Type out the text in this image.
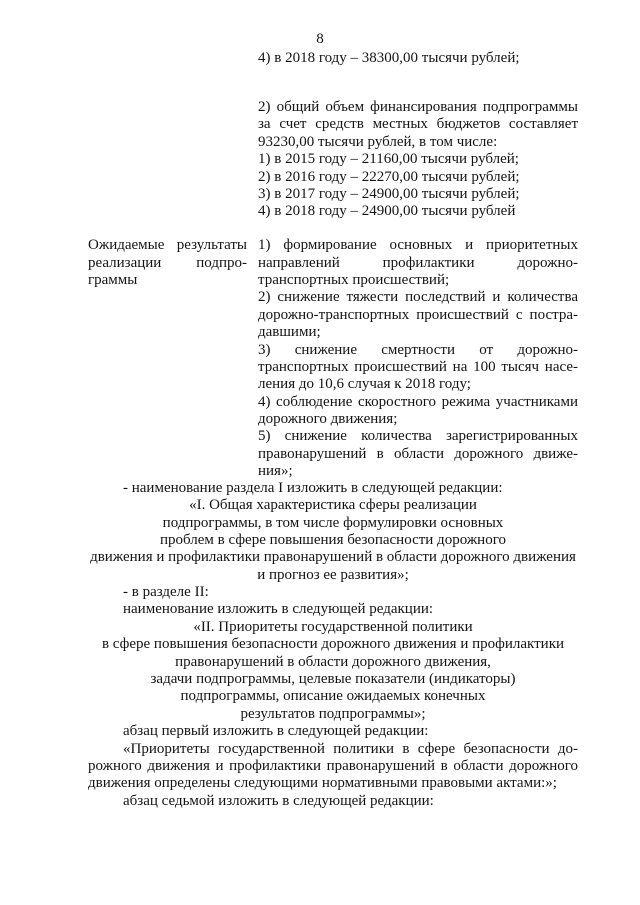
8
4) в 2018 году – 38300,00 тысячи рублей;
2) общий объем финансирования подпрограммы
за счет средств местных бюджетов составляет
93230,00 тысячи рублей, в том числе:
1) в 2015 году – 21160,00 тысячи рублей;
2) в 2016 году – 22270,00 тысячи рублей;
3) в 2017 году – 24900,00 тысячи рублей;
4) в 2018 году – 24900,00 тысячи рублей
Ожидаемые результаты
реализации подпро-
граммы
1) формирование основных и приоритетных
направлений профилактики дорожно-
транспортных происшествий;
2) снижение тяжести последствий и количества
дорожно-транспортных происшествий с постра-
давшими;
3) снижение смертности от дорожно-
транспортных происшествий на 100 тысяч насе-
ления до 10,6 случая к 2018 году;
4) соблюдение скоростного режима участниками
дорожного движения;
5) снижение количества зарегистрированных
правонарушений в области дорожного движе-
ния»;
- наименование раздела I изложить в следующей редакции:
«I. Общая характеристика сферы реализации
подпрограммы, в том числе формулировки основных
проблем в сфере повышения безопасности дорожного
движения и профилактики правонарушений в области дорожного движения
и прогноз ее развития»;
- в разделе II:
наименование изложить в следующей редакции:
«II. Приоритеты государственной политики
в сфере повышения безопасности дорожного движения и профилактики
правонарушений в области дорожного движения,
задачи подпрограммы, целевые показатели (индикаторы)
подпрограммы, описание ожидаемых конечных
результатов подпрограммы»;
абзац первый изложить в следующей редакции:
«Приоритеты государственной политики в сфере безопасности до-
рожного движения и профилактики правонарушений в области дорожного
движения определены следующими нормативными правовыми актами:»;
абзац седьмой изложить в следующей редакции:
